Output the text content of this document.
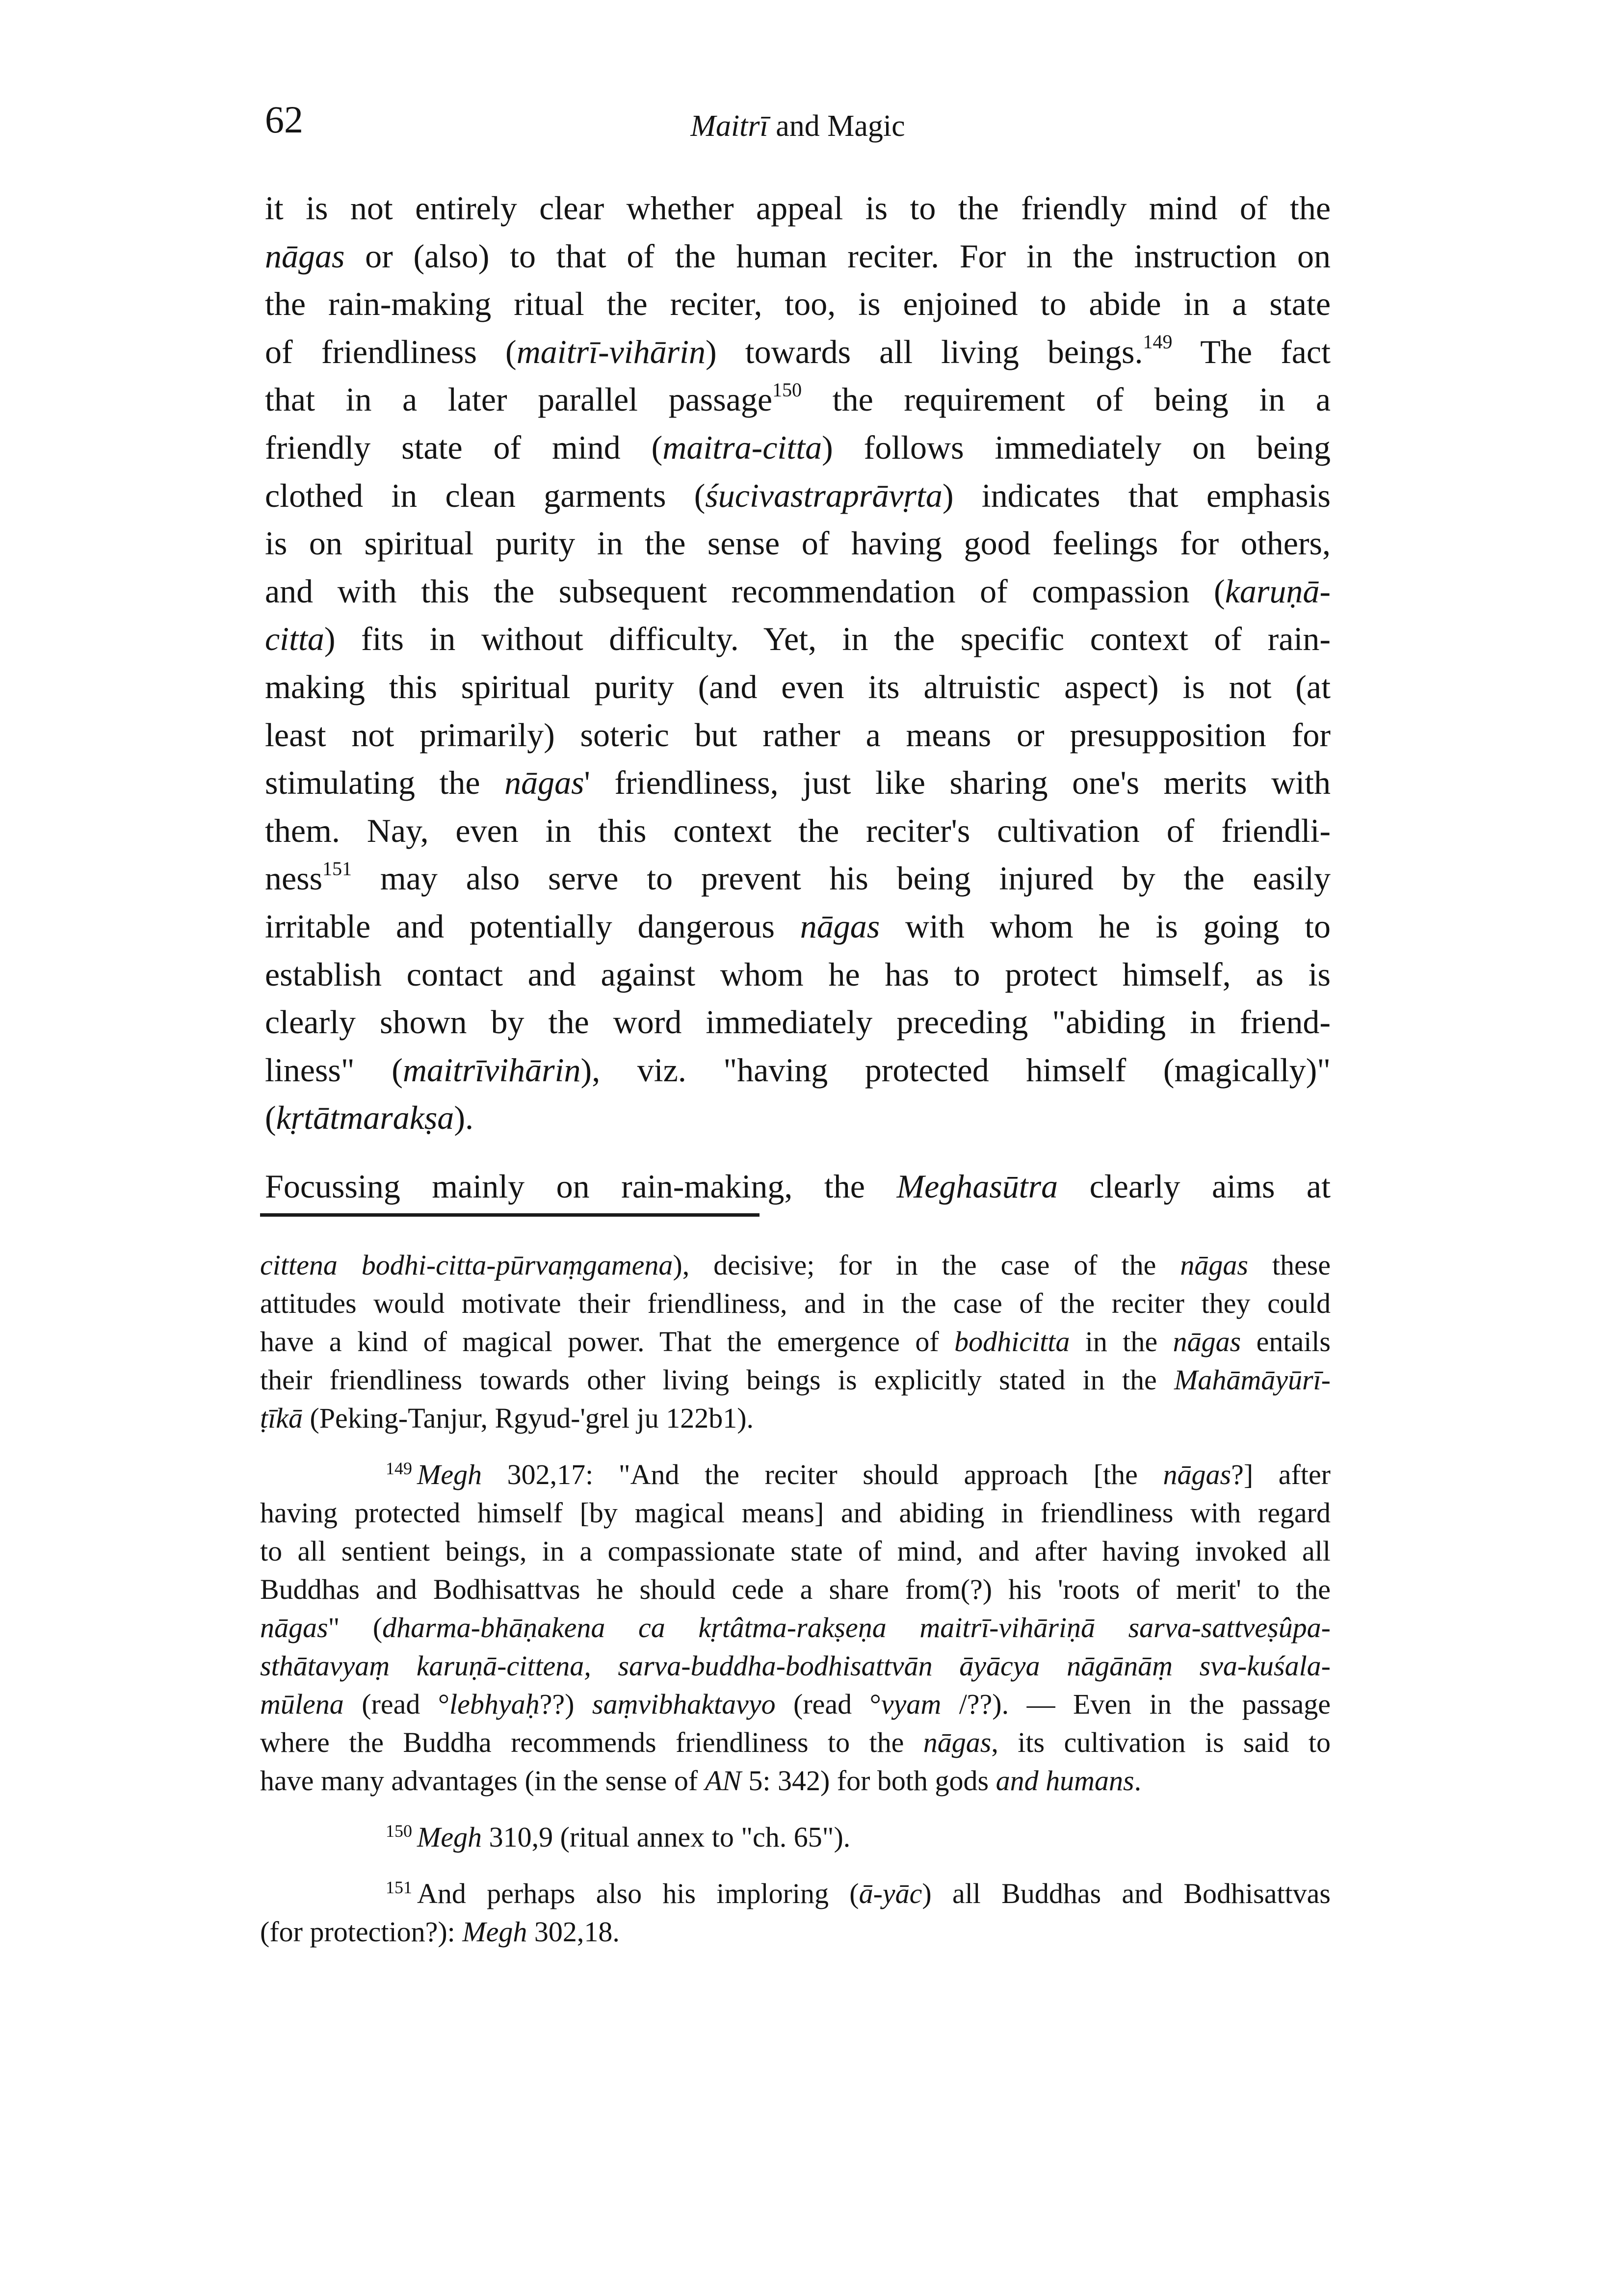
62	Maitrī and Magic
it is not entirely clear whether appeal is to the friendly mind of the
nāgas or (also) to that of the human reciter. For in the instruction on
the rain-making ritual the reciter, too, is enjoined to abide in a state
of friendliness (maitrī-vihārin) towards all living beings.$^{149}$ The fact
that in a later parallel passage$^{150}$ the requirement of being in a
friendly state of mind (maitra-citta) follows immediately on being
clothed in clean garments (śucivastraprāvṛta) indicates that emphasis
is on spiritual purity in the sense of having good feelings for others,
and with this the subsequent recommendation of compassion (karuṇā-
citta) fits in without difficulty. Yet, in the specific context of rain-
making this spiritual purity (and even its altruistic aspect) is not (at
least not primarily) soteric but rather a means or presupposition for
stimulating the nāgas' friendliness, just like sharing one's merits with
them. Nay, even in this context the reciter's cultivation of friendli-
ness$^{151}$ may also serve to prevent his being injured by the easily
irritable and potentially dangerous nāgas with whom he is going to
establish contact and against whom he has to protect himself, as is
clearly shown by the word immediately preceding "abiding in friend-
liness" (maitrīvihārin), viz. "having protected himself (magically)"
(kṛtātmarakṣa).
Focussing mainly on rain-making, the Meghasūtra clearly aims at
cittena bodhi-citta-pūrvaṃgamena), decisive; for in the case of the nāgas these
attitudes would motivate their friendliness, and in the case of the reciter they could
have a kind of magical power. That the emergence of bodhicitta in the nāgas entails
their friendliness towards other living beings is explicitly stated in the Mahāmāyūrī-
ṭīkā (Peking-Tanjur, Rgyud-'grel ju 122b1).
$^{149}$ Megh 302,17: "And the reciter should approach [the nāgas?] after
having protected himself [by magical means] and abiding in friendliness with regard
to all sentient beings, in a compassionate state of mind, and after having invoked all
Buddhas and Bodhisattvas he should cede a share from(?) his 'roots of merit' to the
nāgas" (dharma-bhāṇakena ca kṛtâtma-rakṣeṇa maitrī-vihāriṇā sarva-sattveṣûpa-
sthātavyaṃ karuṇā-cittena, sarva-buddha-bodhisattvān āyācya nāgānāṃ sva-kuśala-
mūlena (read °lebhyaḥ??) saṃvibhaktavyo (read °vyam /??). — Even in the passage
where the Buddha recommends friendliness to the nāgas, its cultivation is said to
have many advantages (in the sense of AN 5: 342) for both gods and humans.
$^{150}$ Megh 310,9 (ritual annex to "ch. 65").
$^{151}$ And perhaps also his imploring (ā-yāc) all Buddhas and Bodhisattvas
(for protection?): Megh 302,18.
